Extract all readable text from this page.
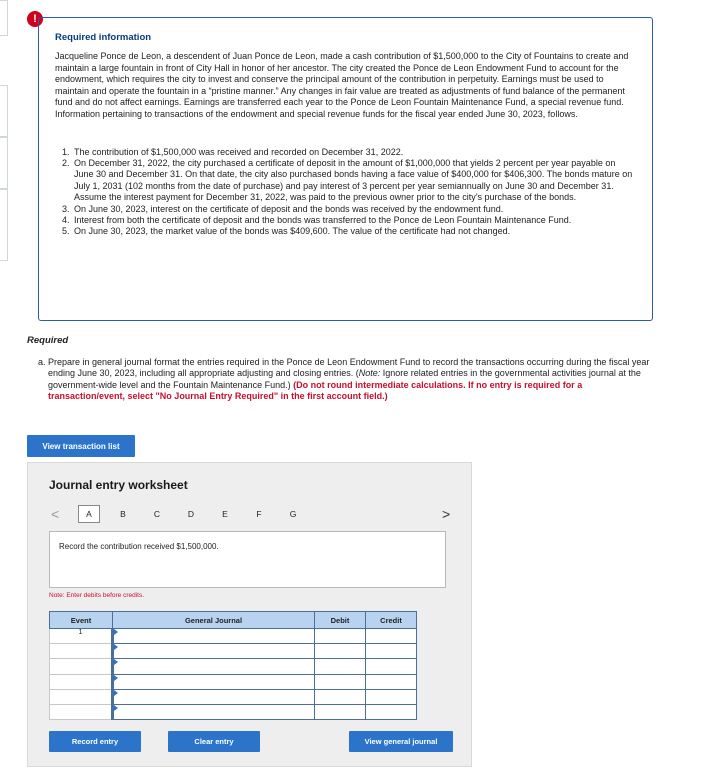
!

Required information

Jacqueline Ponce de Leon, a descendent of Juan Ponce de Leon, made a cash contribution of $1,500,000 to the City of Fountains to create and maintain a large fountain in front of City Hall in honor of her ancestor. The city created the Ponce de Leon Endowment Fund to account for the endowment, which requires the city to invest and conserve the principal amount of the contribution in perpetuity. Earnings must be used to maintain and operate the fountain in a “pristine manner.” Any changes in fair value are treated as adjustments of fund balance of the permanent fund and do not affect earnings. Earnings are transferred each year to the Ponce de Leon Fountain Maintenance Fund, a special revenue fund. Information pertaining to transactions of the endowment and special revenue funds for the fiscal year ended June 30, 2023, follows.

1. The contribution of $1,500,000 was received and recorded on December 31, 2022.
2. On December 31, 2022, the city purchased a certificate of deposit in the amount of $1,000,000 that yields 2 percent per year payable on June 30 and December 31. On that date, the city also purchased bonds having a face value of $400,000 for $406,300. The bonds mature on July 1, 2031 (102 months from the date of purchase) and pay interest of 3 percent per year semiannually on June 30 and December 31. Assume the interest payment for December 31, 2022, was paid to the previous owner prior to the city’s purchase of the bonds.
3. On June 30, 2023, interest on the certificate of deposit and the bonds was received by the endowment fund.
4. Interest from both the certificate of deposit and the bonds was transferred to the Ponce de Leon Fountain Maintenance Fund.
5. On June 30, 2023, the market value of the bonds was $409,600. The value of the certificate had not changed.

Required

a. Prepare in general journal format the entries required in the Ponce de Leon Endowment Fund to record the transactions occurring during the fiscal year ending June 30, 2023, including all appropriate adjusting and closing entries. (Note: Ignore related entries in the governmental activities journal at the government-wide level and the Fountain Maintenance Fund.) (Do not round intermediate calculations. If no entry is required for a transaction/event, select "No Journal Entry Required" in the first account field.)

View transaction list

Journal entry worksheet

<	A	B	C	D	E	F	G	>
Record the contribution received $1,500,000.
Note: Enter debits before credits.
Event	General Journal	Debit	Credit
1	

Record entry	Clear entry	View general journal
